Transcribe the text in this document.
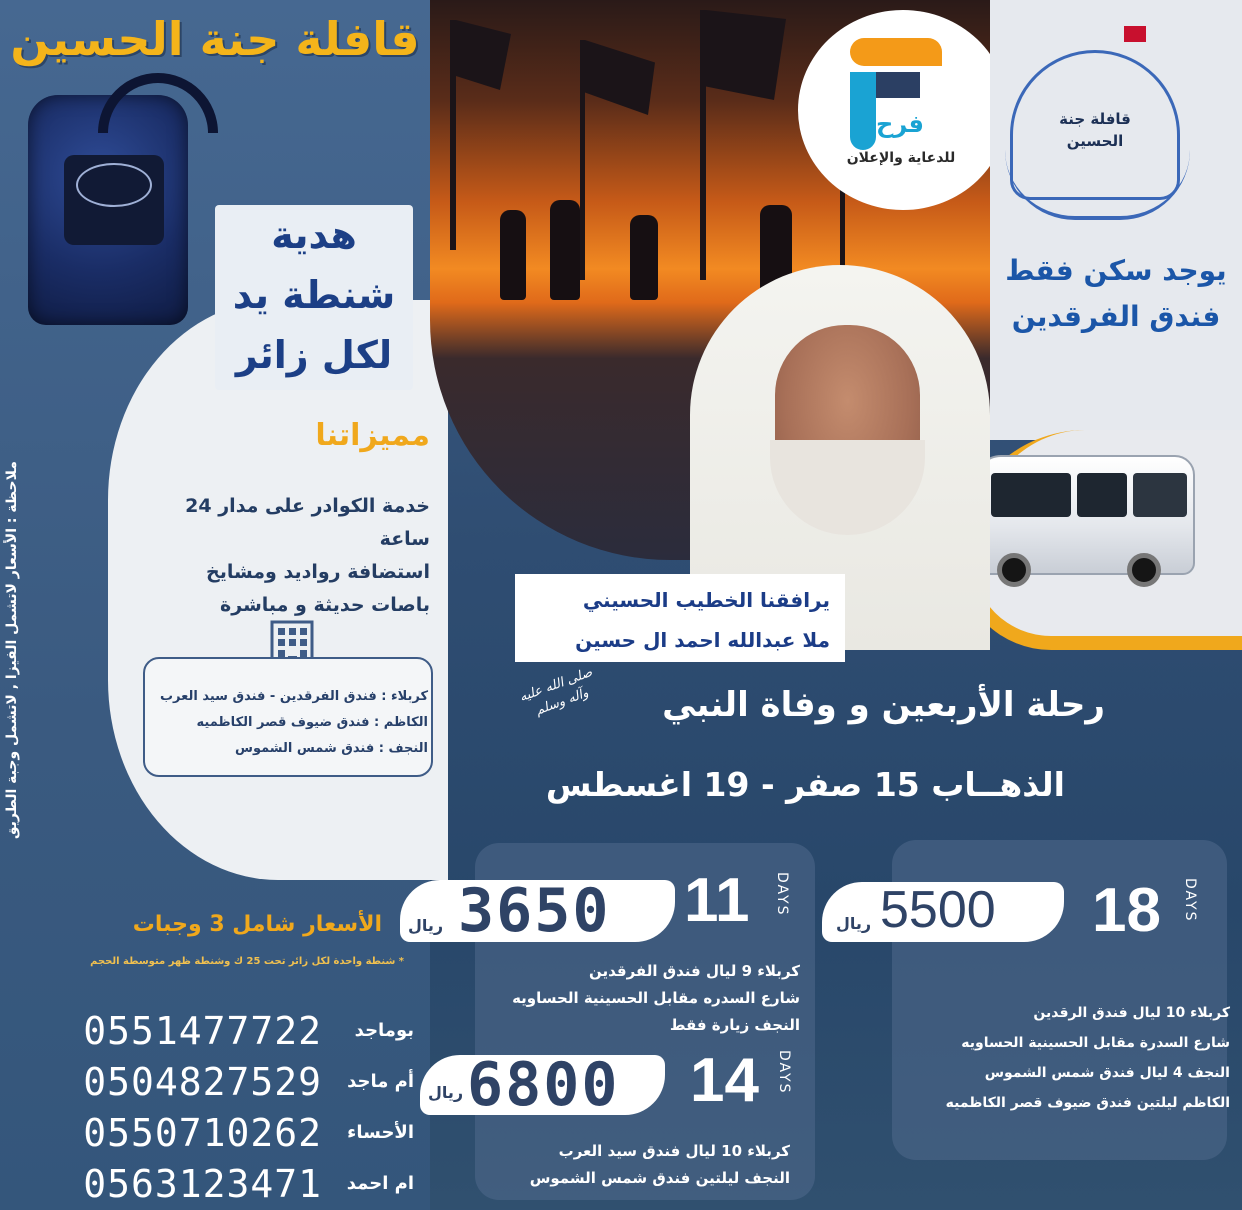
قافلة جنة الحسين
هدية
شنطة يد
لكل زائر
مميزاتنا
خدمة الكوادر على مدار 24 ساعة
استضافة رواديد ومشايخ
باصات حديثة و مباشرة
كربلاء : فندق الفرقدين - فندق سيد العرب
الكاظم : فندق ضيوف قصر الكاظميه
النجف : فندق شمس الشموس
ملاحظة : الأسعار لاتشمل الفيزا , لاتشمل وجبة الطريق
الأسعار شامل 3 وجبات
* شنطة واحدة لكل زائر تحت 25 ك وشنطة ظهر متوسطة الحجم
بوماجد
0551477722
أم ماجد
0504827529
الأحساء
0550710262
ام احمد
0563123471
فرح
للدعاية والإعلان
قافلة جنة الحسين
يوجد سكن فقط
فندق الفرقدين
يرافقنا الخطيب الحسيني
ملا عبدالله احمد ال حسين
رحلة الأربعين و وفاة النبي
صلى الله عليه وآله وسلم
الذهــاب 15 صفر - 19 اغسطس
ريال 3650 11 DAYS
كربلاء 9 ليال فندق الفرقدين
شارع السدره مقابل الحسينية الحساويه
النجف زيارة فقط
ريال 6800 14 DAYS
كربلاء 10 ليال فندق سيد العرب
النجف ليلتين فندق شمس الشموس
ريال 5500 18 DAYS
كربلاء 10 ليال فندق الرقدين
شارع السدرة مقابل الحسينية الحساويه
النجف 4 ليال فندق شمس الشموس
الكاظم ليلتين فندق ضيوف قصر الكاظميه
